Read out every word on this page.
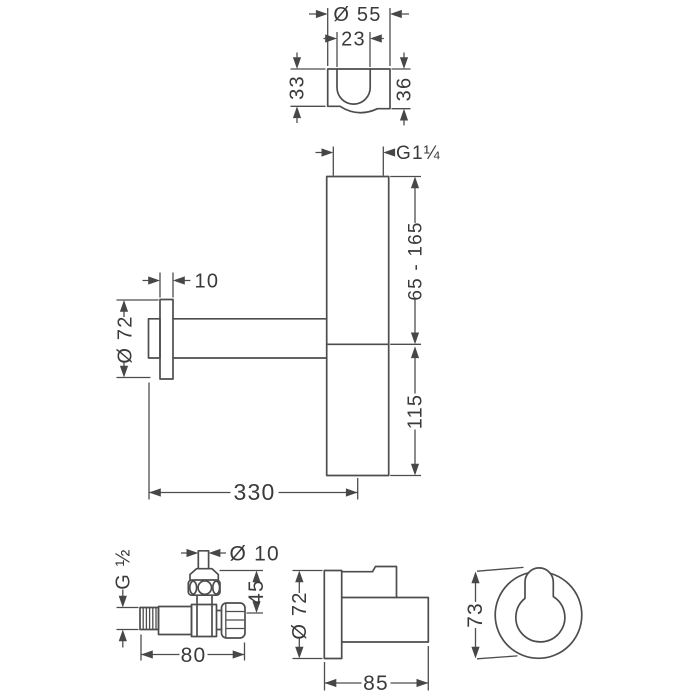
Ø 55
23
33	36
G1¼
65 - 165
115
10
Ø 72
330
Ø 10
G ½
45
80
Ø 72
85
73
